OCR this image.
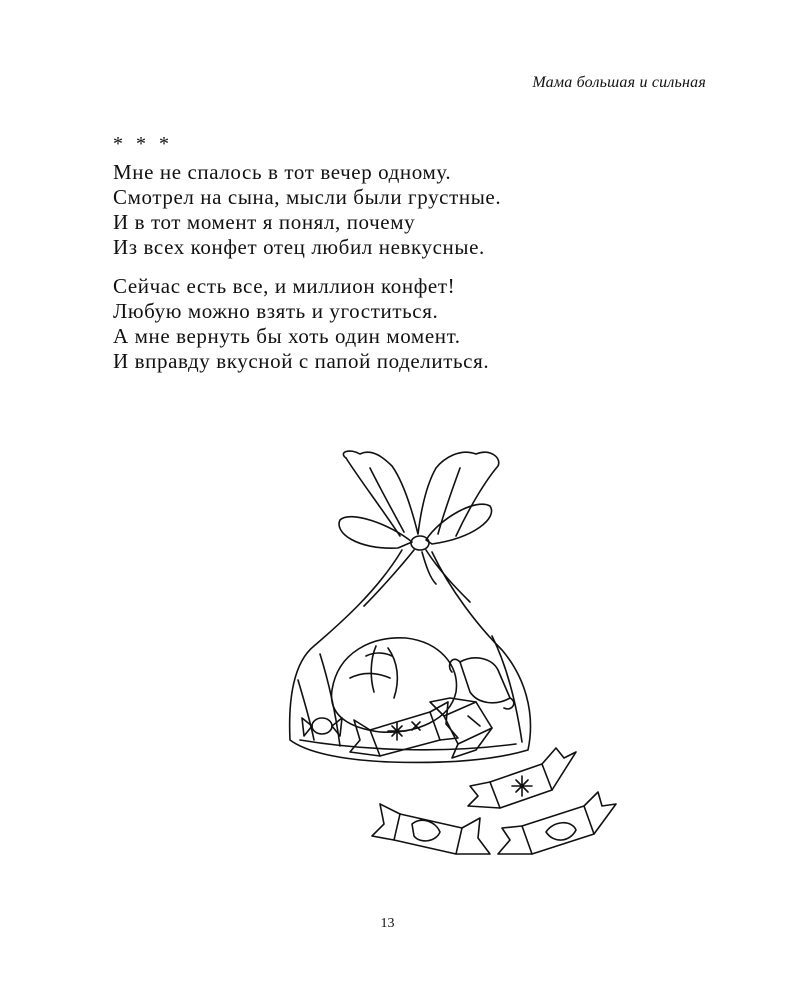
Мама большая и сильная
* * *
Мне не спалось в тот вечер одному.
Смотрел на сына, мысли были грустные.
И в тот момент я понял, почему
Из всех конфет отец любил невкусные.
Сейчас есть все, и миллион конфет!
Любую можно взять и угоститься.
А мне вернуть бы хоть один момент.
И вправду вкусной с папой поделиться.
13
